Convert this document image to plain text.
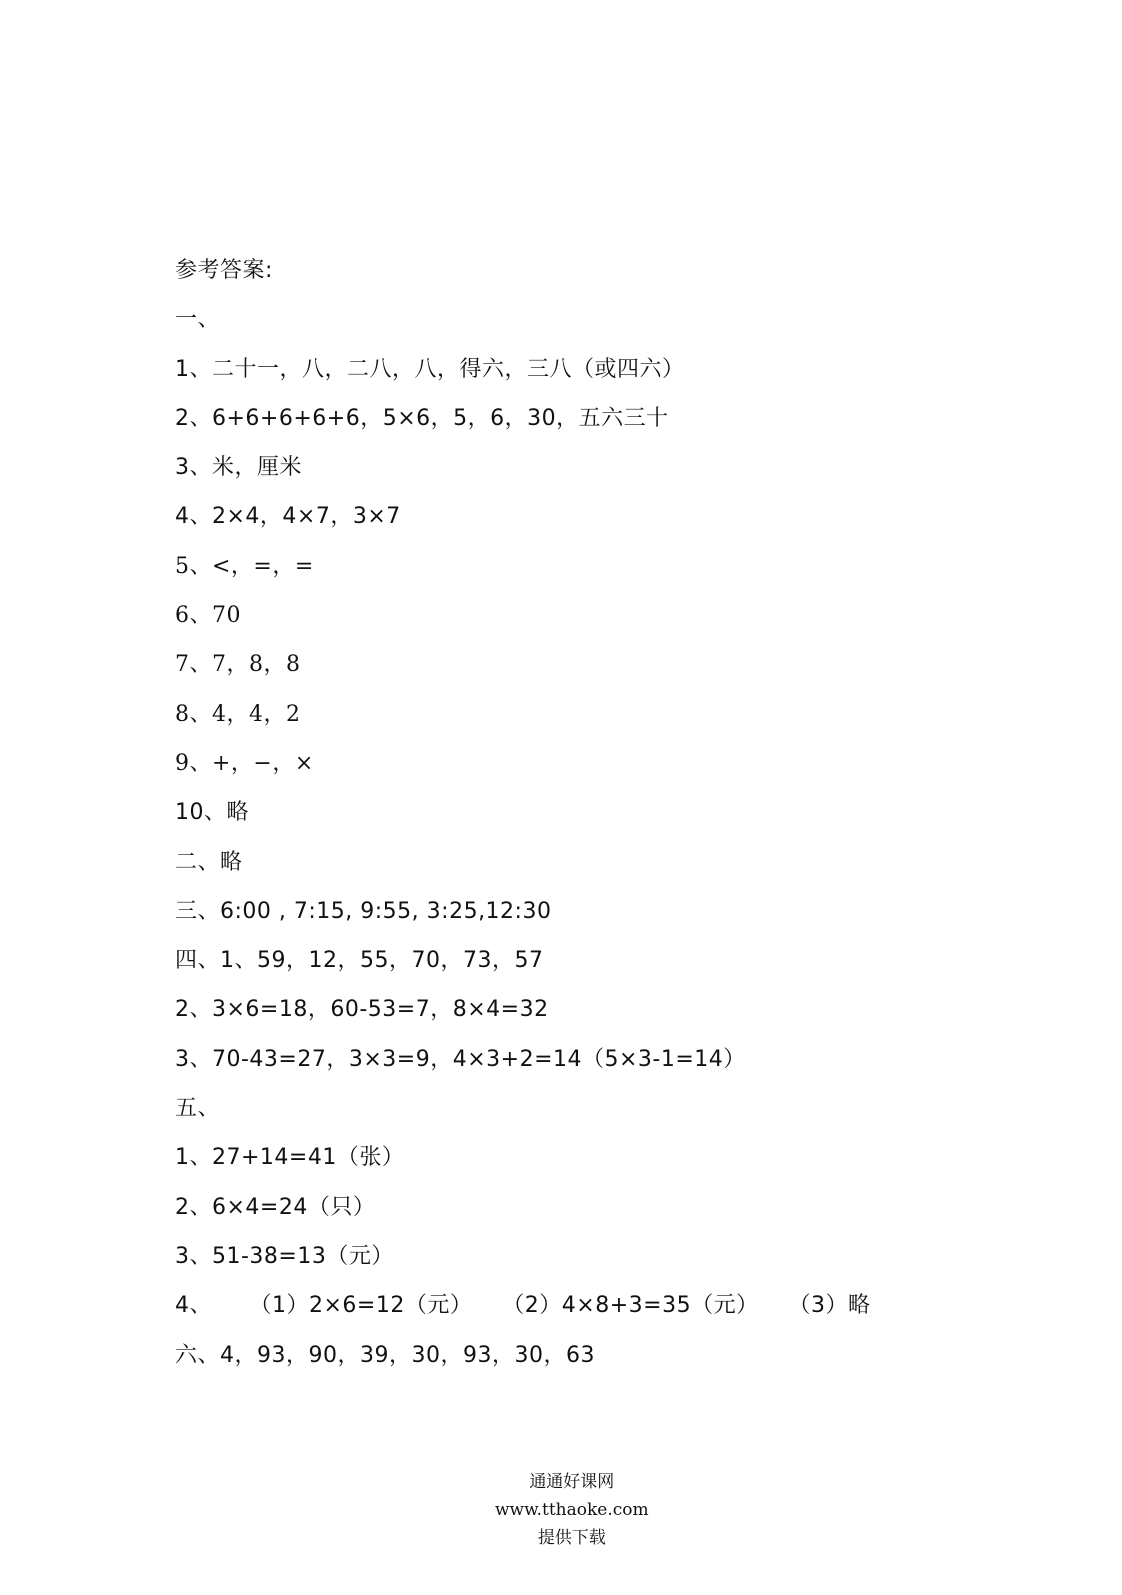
参考答案:
一、
1、二十一，八，二八，八，得六，三八（或四六）
2、6+6+6+6+6，5×6，5，6，30，五六三十
3、米，厘米
4、2×4，4×7，3×7
5、<，=，=
6、70
7、7，8，8
8、4，4，2
9、+，−，×
10、略
二、略
三、6:00 , 7:15, 9:55, 3:25,12:30
四、1、59，12，55，70，73，57
2、3×6=18，60-53=7，8×4=32
3、70-43=27，3×3=9，4×3+2=14（5×3-1=14）
五、
1、27+14=41（张）
2、6×4=24（只）
3、51-38=13（元）
4、     （1）2×6=12（元）    （2）4×8+3=35（元）    （3）略
六、4，93，90，39，30，93，30，63

通通好课网
www.tthaoke.com
提供下载
